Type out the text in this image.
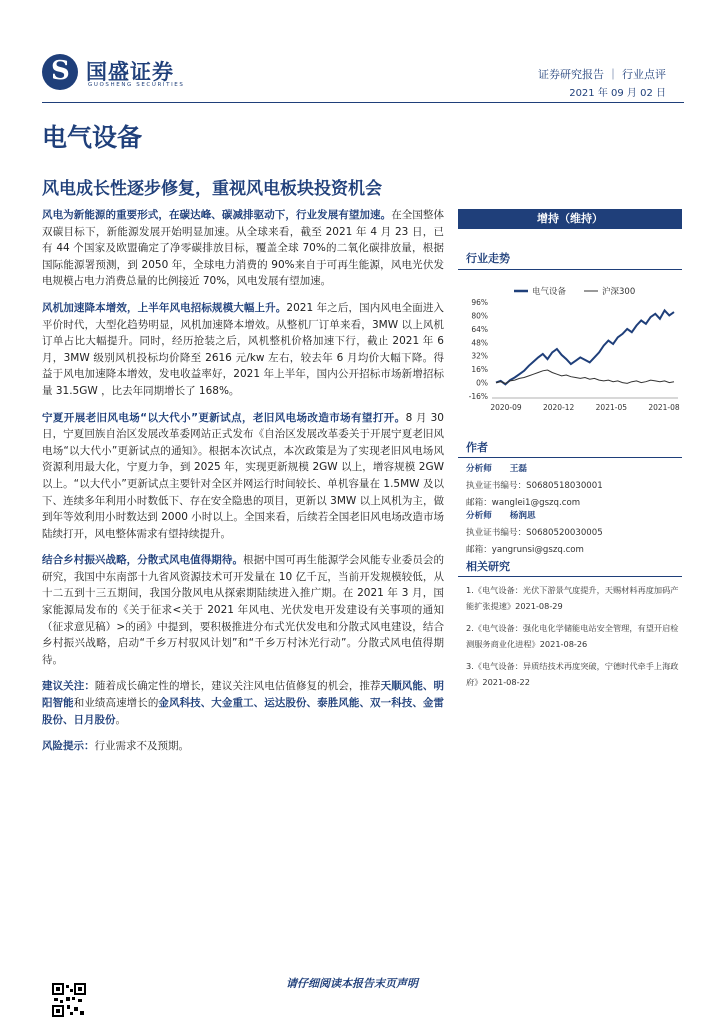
S 国盛证券
GUOSHENG SECURITIES
证券研究报告 ｜ 行业点评
2021 年 09 月 02 日
电气设备
风电成长性逐步修复，重视风电板块投资机会

风电为新能源的重要形式，在碳达峰、碳减排驱动下，行业发展有望加速。在全国整体双碳目标下，新能源发展开始明显加速。从全球来看，截至 2021 年 4 月 23 日，已有 44 个国家及欧盟确定了净零碳排放目标，覆盖全球 70%的二氧化碳排放量，根据国际能源署预测，到 2050 年，全球电力消费的 90%来自于可再生能源，风电光伏发电规模占电力消费总量的比例接近 70%，风电发展有望加速。

风机加速降本增效，上半年风电招标规模大幅上升。2021 年之后，国内风电全面进入平价时代，大型化趋势明显，风机加速降本增效。从整机厂订单来看，3MW 以上风机订单占比大幅提升。同时，经历抢装之后，风机整机价格加速下行，截止 2021 年 6 月，3MW 级别风机投标均价降至 2616 元/kw 左右，较去年 6 月均价大幅下降。得益于风电加速降本增效，发电收益率好，2021 年上半年，国内公开招标市场新增招标量 31.5GW ，比去年同期增长了 168%。

宁夏开展老旧风电场“以大代小”更新试点，老旧风电场改造市场有望打开。8 月 30 日，宁夏回族自治区发展改革委网站正式发布《自治区发展改革委关于开展宁夏老旧风电场“以大代小”更新试点的通知》。根据本次试点，本次政策是为了实现老旧风电场风资源利用最大化，宁夏力争，到 2025 年，实现更新规模 2GW 以上，增容规模 2GW 以上。“以大代小”更新试点主要针对全区并网运行时间较长、单机容量在 1.5MW 及以下、连续多年利用小时数低下、存在安全隐患的项目，更新以 3MW 以上风机为主，做到年等效利用小时数达到 2000 小时以上。全国来看，后续若全国老旧风电场改造市场陆续打开，风电整体需求有望持续提升。

结合乡村振兴战略，分散式风电值得期待。根据中国可再生能源学会风能专业委员会的研究，我国中东南部十九省风资源技术可开发量在 10 亿千瓦，当前开发规模较低，从十二五到十三五期间，我国分散风电从探索期陆续进入推广期。在 2021 年 3 月，国家能源局发布的《关于征求<关于 2021 年风电、光伏发电开发建设有关事项的通知（征求意见稿）>的函》中提到，要积极推进分布式光伏发电和分散式风电建设，结合乡村振兴战略，启动“千乡万村驭风计划”和“千乡万村沐光行动”。分散式风电值得期待。

建议关注：随着成长确定性的增长，建议关注风电估值修复的机会，推荐天顺风能、明阳智能和业绩高速增长的金风科技、大金重工、运达股份、泰胜风能、双一科技、金雷股份、日月股份。

风险提示：行业需求不及预期。

增持（维持）
行业走势
电气设备	沪深300
96%
80%
64%
48%
32%
16%
0%
-16%
2020-09	2020-12	2021-05	2021-08
作者
分析师 王磊
执业证书编号：S0680518030001
邮箱：wanglei1@gszq.com
分析师 杨润思
执业证书编号：S0680520030005
邮箱：yangrunsi@gszq.com
相关研究
1.《电气设备：光伏下游景气度提升，天赐材料再度加码产能扩张提速》2021-08-29
2.《电气设备：强化电化学储能电站安全管理，有望开启检测服务商业化进程》2021-08-26
3.《电气设备：异质结技术再度突破，宁德时代牵手上海政府》2021-08-22
请仔细阅读本报告末页声明
